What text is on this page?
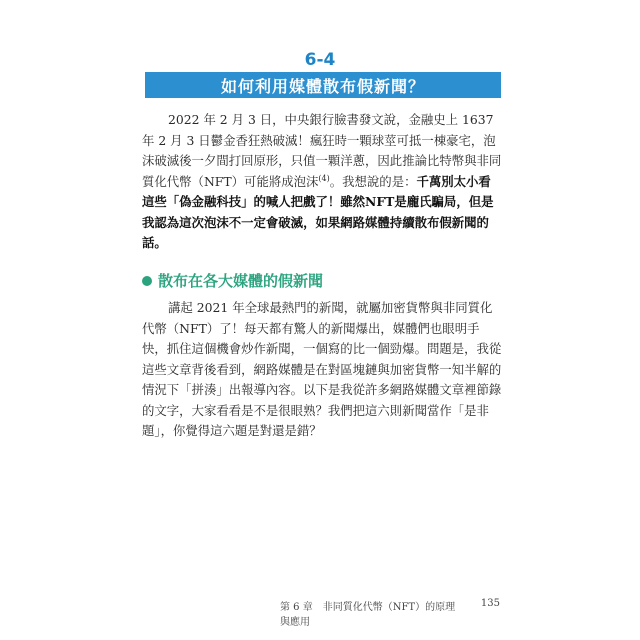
6-4
如何利用媒體散布假新聞？

2022 年 2 月 3 日，中央銀行臉書發文說，金融史上 1637 年 2 月 3 日鬱金香狂熱破滅！瘋狂時一顆球莖可抵一棟豪宅，泡沫破滅後一夕間打回原形，只值一顆洋蔥，因此推論比特幣與非同質化代幣（NFT）可能將成泡沫$^{(4)}$。我想說的是：千萬別太小看這些「偽金融科技」的喊人把戲了！雖然NFT是龐氏騙局，但是我認為這次泡沫不一定會破滅，如果網路媒體持續散布假新聞的話。

散布在各大媒體的假新聞

講起 2021 年全球最熱門的新聞，就屬加密貨幣與非同質化代幣（NFT）了！每天都有驚人的新聞爆出，媒體們也眼明手快，抓住這個機會炒作新聞，一個寫的比一個勁爆。問題是，我從這些文章背後看到，網路媒體是在對區塊鏈與加密貨幣一知半解的情況下「拼湊」出報導內容。以下是我從許多網路媒體文章裡節錄的文字，大家看看是不是很眼熟？我們把這六則新聞當作「是非題」，你覺得這六題是對還是錯？

第 6 章　非同質化代幣（NFT）的原理與應用
135
